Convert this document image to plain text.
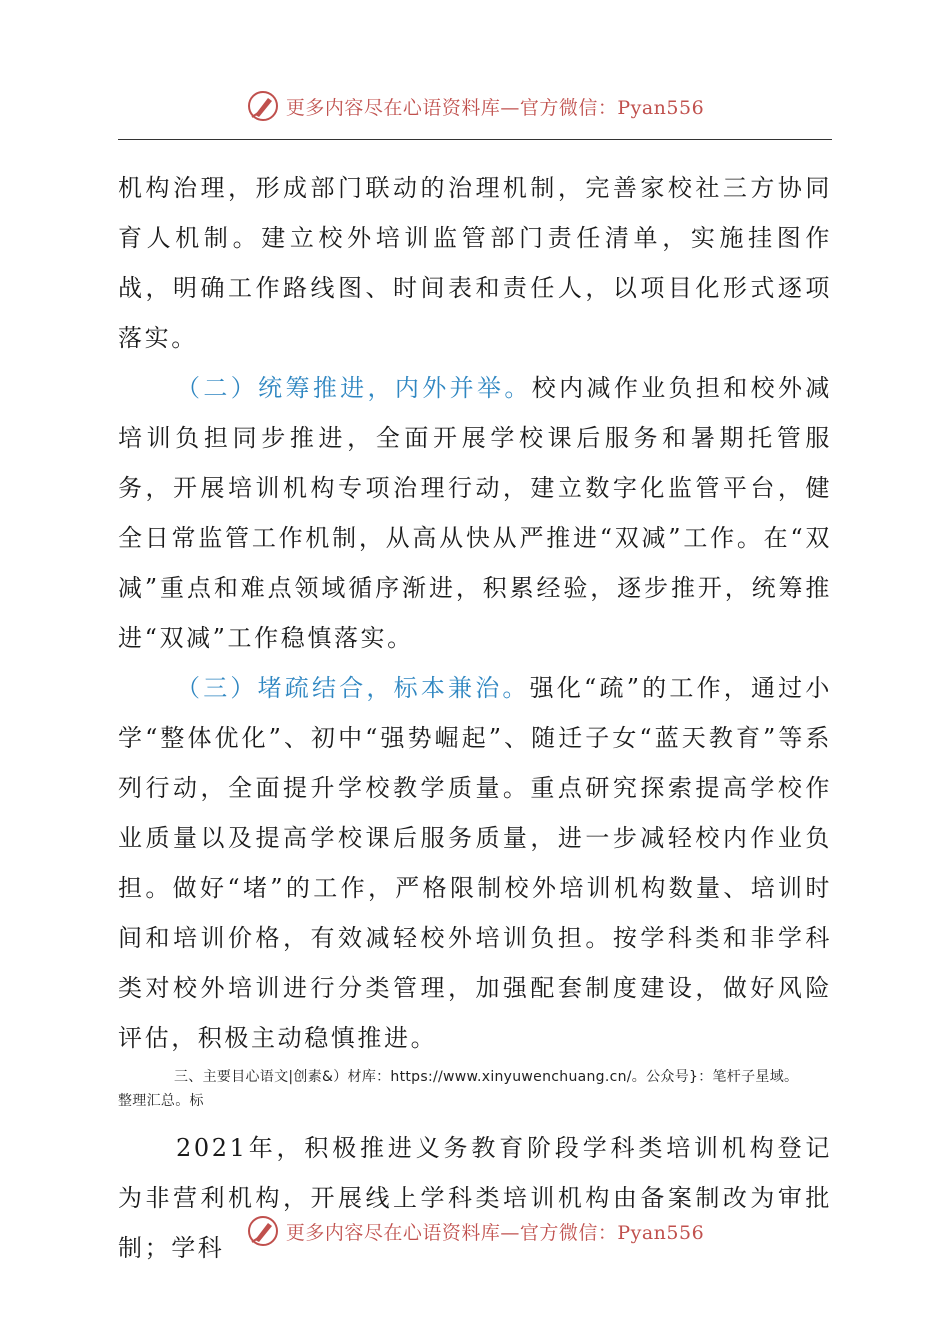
更多内容尽在心语资料库—官方微信：Pyan556

机构治理，形成部门联动的治理机制，完善家校社三方协同育人机制。建立校外培训监管部门责任清单，实施挂图作战，明确工作路线图、时间表和责任人，以项目化形式逐项落实。

（二）统筹推进，内外并举。校内减作业负担和校外减培训负担同步推进，全面开展学校课后服务和暑期托管服务，开展培训机构专项治理行动，建立数字化监管平台，健全日常监管工作机制，从高从快从严推进“双减”工作。在“双减”重点和难点领域循序渐进，积累经验，逐步推开，统筹推进“双减”工作稳慎落实。

（三）堵疏结合，标本兼治。强化“疏”的工作，通过小学“整体优化”、初中“强势崛起”、随迁子女“蓝天教育”等系列行动，全面提升学校教学质量。重点研究探索提高学校作业质量以及提高学校课后服务质量，进一步减轻校内作业负担。做好“堵”的工作，严格限制校外培训机构数量、培训时间和培训价格，有效减轻校外培训负担。按学科类和非学科类对校外培训进行分类管理，加强配套制度建设，做好风险评估，积极主动稳慎推进。

三、主要目心语文|创素&）材库：https://www.xinyuwenchuang.cn/。公众号}：笔杆子星域。
整理汇总。标

2021年，积极推进义务教育阶段学科类培训机构登记为非营利机构，开展线上学科类培训机构由备案制改为审批制；学科

更多内容尽在心语资料库—官方微信：Pyan556
